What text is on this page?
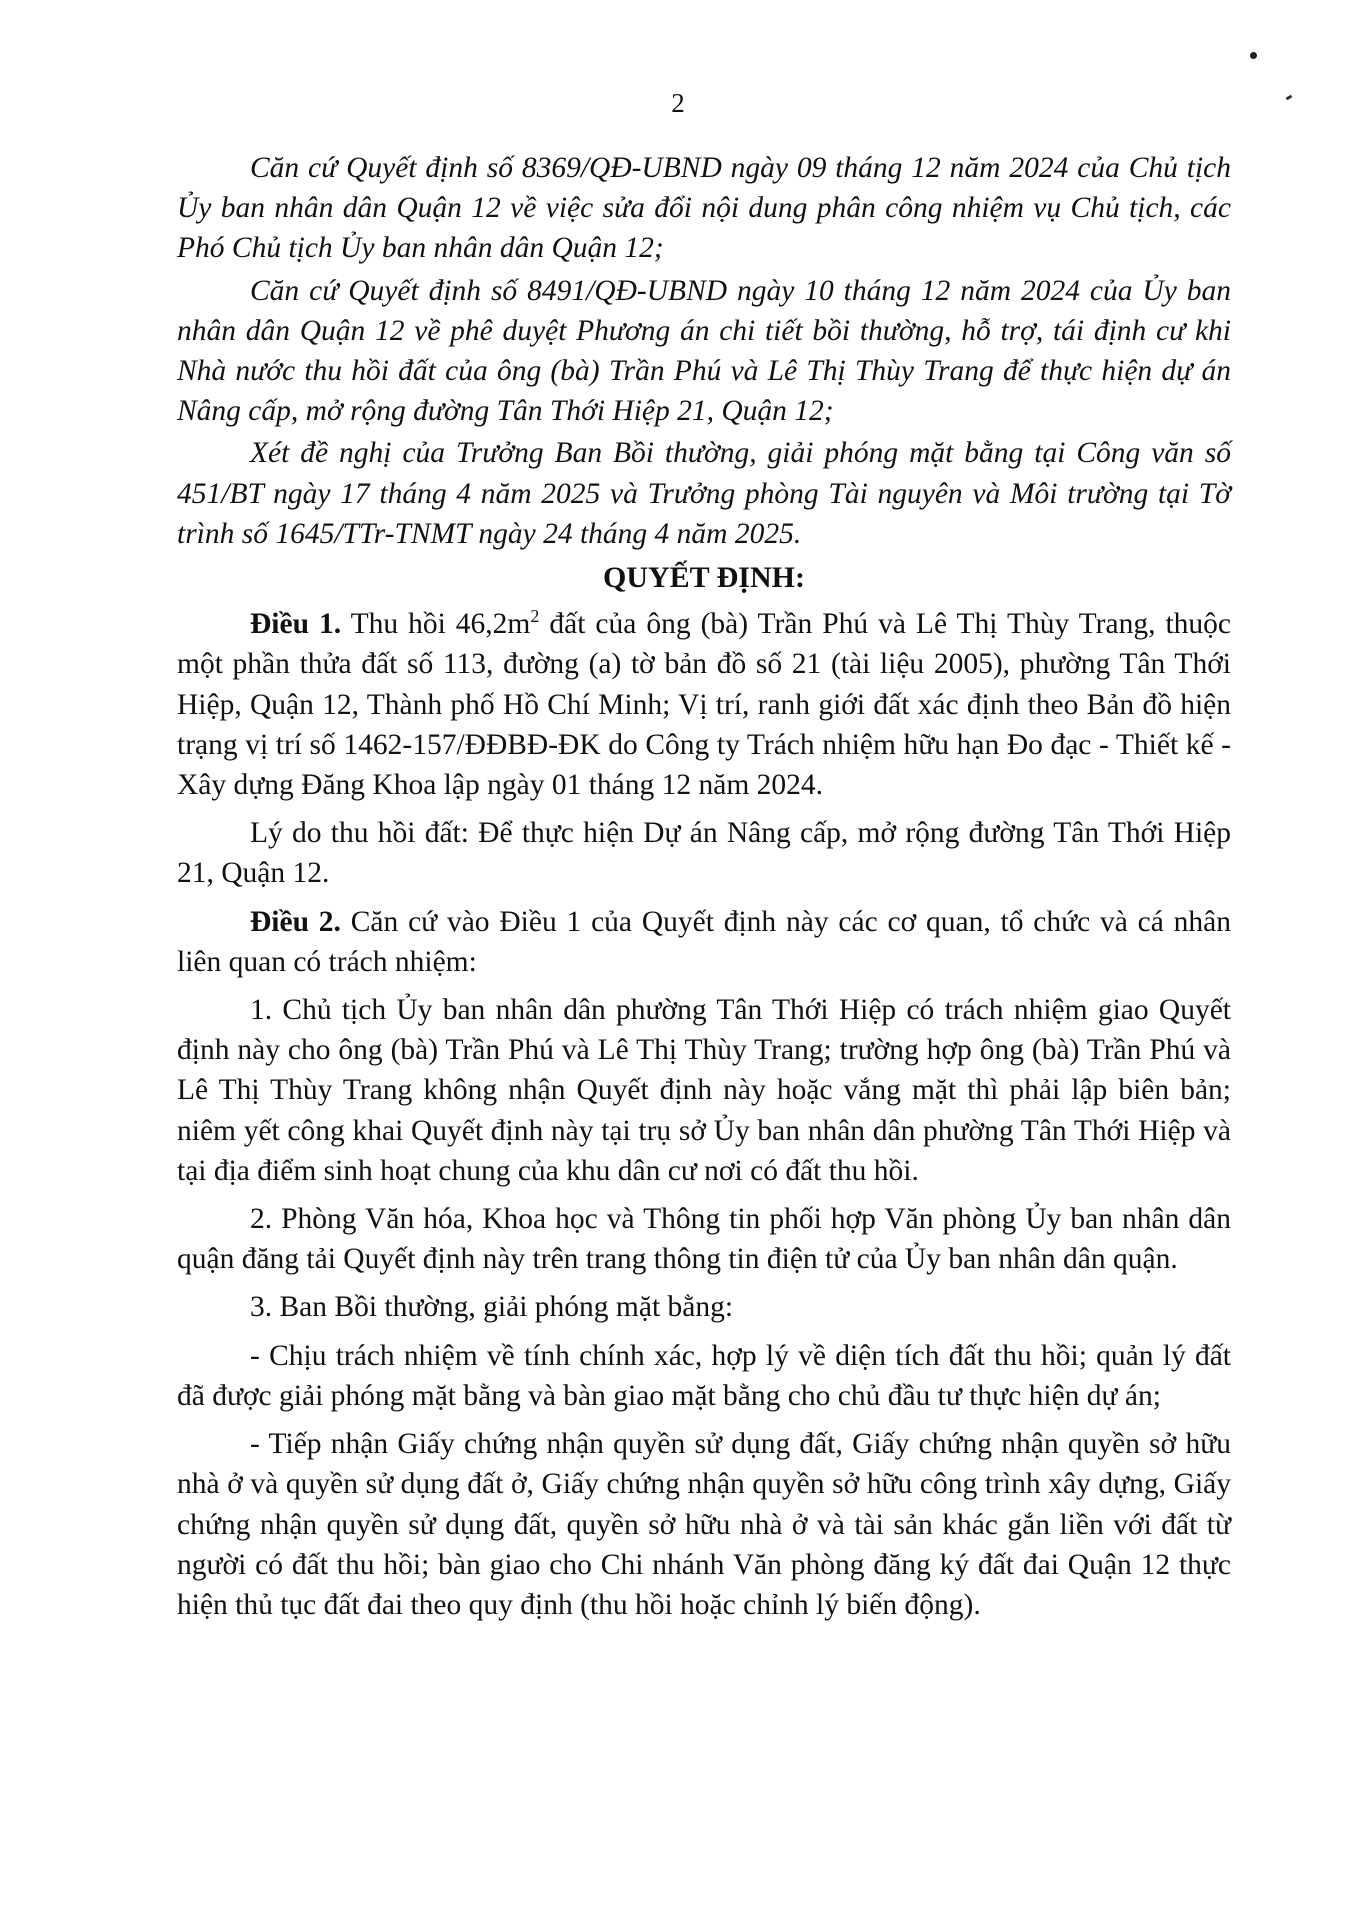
2

Căn cứ Quyết định số 8369/QĐ-UBND ngày 09 tháng 12 năm 2024 của Chủ tịch Ủy ban nhân dân Quận 12 về việc sửa đổi nội dung phân công nhiệm vụ Chủ tịch, các Phó Chủ tịch Ủy ban nhân dân Quận 12;

Căn cứ Quyết định số 8491/QĐ-UBND ngày 10 tháng 12 năm 2024 của Ủy ban nhân dân Quận 12 về phê duyệt Phương án chi tiết bồi thường, hỗ trợ, tái định cư khi Nhà nước thu hồi đất của ông (bà) Trần Phú và Lê Thị Thùy Trang để thực hiện dự án Nâng cấp, mở rộng đường Tân Thới Hiệp 21, Quận 12;

Xét đề nghị của Trưởng Ban Bồi thường, giải phóng mặt bằng tại Công văn số 451/BT ngày 17 tháng 4 năm 2025 và Trưởng phòng Tài nguyên và Môi trường tại Tờ trình số 1645/TTr-TNMT ngày 24 tháng 4 năm 2025.

QUYẾT ĐỊNH:

Điều 1. Thu hồi $46,2m^2$ đất của ông (bà) Trần Phú và Lê Thị Thùy Trang, thuộc một phần thửa đất số 113, đường (a) tờ bản đồ số 21 (tài liệu 2005), phường Tân Thới Hiệp, Quận 12, Thành phố Hồ Chí Minh; Vị trí, ranh giới đất xác định theo Bản đồ hiện trạng vị trí số 1462-157/ĐĐBĐ-ĐK do Công ty Trách nhiệm hữu hạn Đo đạc - Thiết kế - Xây dựng Đăng Khoa lập ngày 01 tháng 12 năm 2024.

Lý do thu hồi đất: Để thực hiện Dự án Nâng cấp, mở rộng đường Tân Thới Hiệp 21, Quận 12.

Điều 2. Căn cứ vào Điều 1 của Quyết định này các cơ quan, tổ chức và cá nhân liên quan có trách nhiệm:

1. Chủ tịch Ủy ban nhân dân phường Tân Thới Hiệp có trách nhiệm giao Quyết định này cho ông (bà) Trần Phú và Lê Thị Thùy Trang; trường hợp ông (bà) Trần Phú và Lê Thị Thùy Trang không nhận Quyết định này hoặc vắng mặt thì phải lập biên bản; niêm yết công khai Quyết định này tại trụ sở Ủy ban nhân dân phường Tân Thới Hiệp và tại địa điểm sinh hoạt chung của khu dân cư nơi có đất thu hồi.

2. Phòng Văn hóa, Khoa học và Thông tin phối hợp Văn phòng Ủy ban nhân dân quận đăng tải Quyết định này trên trang thông tin điện tử của Ủy ban nhân dân quận.

3. Ban Bồi thường, giải phóng mặt bằng:

- Chịu trách nhiệm về tính chính xác, hợp lý về diện tích đất thu hồi; quản lý đất đã được giải phóng mặt bằng và bàn giao mặt bằng cho chủ đầu tư thực hiện dự án;

- Tiếp nhận Giấy chứng nhận quyền sử dụng đất, Giấy chứng nhận quyền sở hữu nhà ở và quyền sử dụng đất ở, Giấy chứng nhận quyền sở hữu công trình xây dựng, Giấy chứng nhận quyền sử dụng đất, quyền sở hữu nhà ở và tài sản khác gắn liền với đất từ người có đất thu hồi; bàn giao cho Chi nhánh Văn phòng đăng ký đất đai Quận 12 thực hiện thủ tục đất đai theo quy định (thu hồi hoặc chỉnh lý biến động).
